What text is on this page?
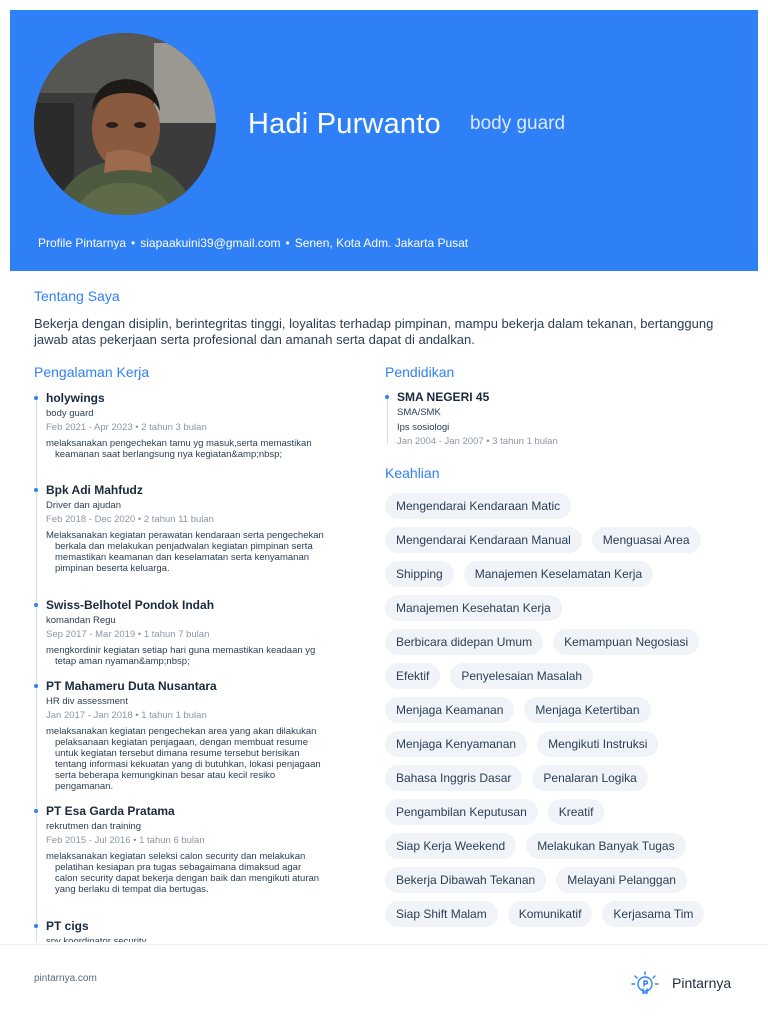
Hadi Purwanto body guard
Profile Pintarnya • siapaakuini39@gmail.com • Senen, Kota Adm. Jakarta Pusat
Tentang Saya
Bekerja dengan disiplin, berintegritas tinggi, loyalitas terhadap pimpinan, mampu bekerja dalam tekanan, bertanggung jawab atas pekerjaan serta profesional dan amanah serta dapat di andalkan.
Pengalaman Kerja
holywings
body guard
Feb 2021 - Apr 2023 • 2 tahun 3 bulan
melaksanakan pengechekan tamu yg masuk,serta memastikan keamanan saat berlangsung nya kegiatan&amp;nbsp;
Bpk Adi Mahfudz
Driver dan ajudan
Feb 2018 - Dec 2020 • 2 tahun 11 bulan
Melaksanakan kegiatan perawatan kendaraan serta pengechekan berkala dan melakukan penjadwalan kegiatan pimpinan serta memastikan keamanan dan keselamatan serta kenyamanan pimpinan beserta keluarga.
Swiss-Belhotel Pondok Indah
komandan Regu
Sep 2017 - Mar 2019 • 1 tahun 7 bulan
mengkordinir kegiatan setiap hari guna memastikan keadaan yg tetap aman nyaman&amp;nbsp;
PT Mahameru Duta Nusantara
HR div assessment
Jan 2017 - Jan 2018 • 1 tahun 1 bulan
melaksanakan kegiatan pengechekan area yang akan dilakukan pelaksanaan kegiatan penjagaan, dengan membuat resume untuk kegiatan tersebut dimana resume tersebut berisikan tentang informasi kekuatan yang di butuhkan, lokasi penjagaan serta beberapa kemungkinan besar atau kecil resiko pengamanan.
PT Esa Garda Pratama
rekrutmen dan training
Feb 2015 - Jul 2016 • 1 tahun 6 bulan
melaksanakan kegiatan seleksi calon security dan melakukan pelatihan kesiapan pra tugas sebagaimana dimaksud agar calon security dapat bekerja dengan baik dan mengikuti aturan yang berlaku di tempat dia bertugas.
PT cigs
Pendidikan
SMA NEGERI 45
SMA/SMK
Ips sosiologi
Jan 2004 - Jan 2007 • 3 tahun 1 bulan
Keahlian
Mengendarai Kendaraan Matic
Mengendarai Kendaraan Manual	Menguasai Area
Shipping	Manajemen Keselamatan Kerja
Manajemen Kesehatan Kerja
Berbicara didepan Umum	Kemampuan Negosiasi
Efektif	Penyelesaian Masalah
Menjaga Keamanan	Menjaga Ketertiban
Menjaga Kenyamanan	Mengikuti Instruksi
Bahasa Inggris Dasar	Penalaran Logika
Pengambilan Keputusan	Kreatif
Siap Kerja Weekend	Melakukan Banyak Tugas
Bekerja Dibawah Tekanan	Melayani Pelanggan
Siap Shift Malam	Komunikatif	Kerjasama Tim
pintarnya.com	Pintarnya
